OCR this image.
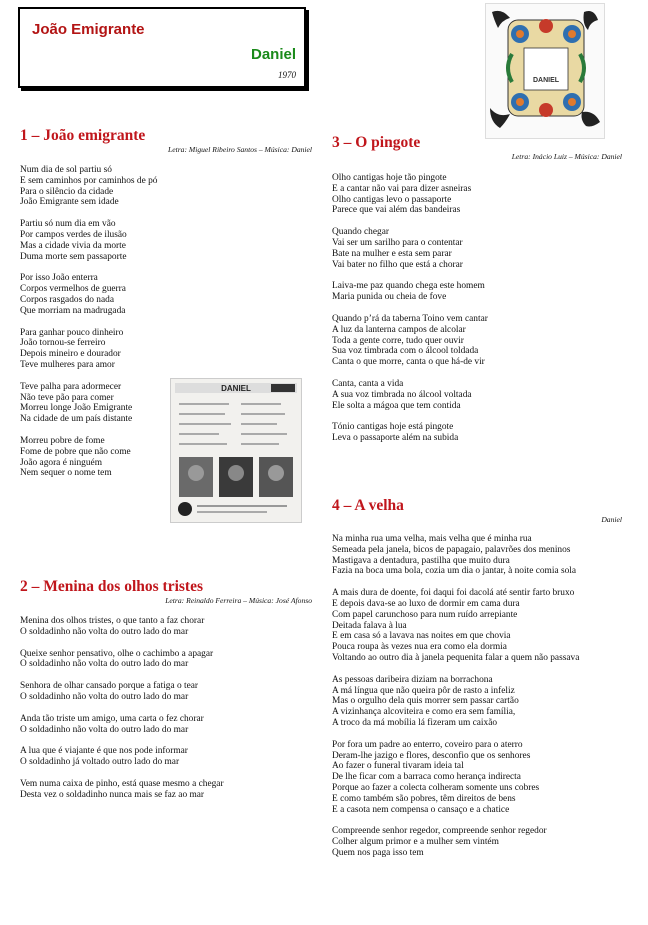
João Emigrante
Daniel
1970
DANIEL
DANIEL
1 – João emigrante
Letra: Miguel Ribeiro Santos – Música: Daniel
Num dia de sol partiu só
E sem caminhos por caminhos de pó
Para o silêncio da cidade
João Emigrante sem idade
Partiu só num dia em vão
Por campos verdes de ilusão
Mas a cidade vivia da morte
Duma morte sem passaporte
Por isso João enterra
Corpos vermelhos de guerra
Corpos rasgados do nada
Que morriam na madrugada
Para ganhar pouco dinheiro
João tornou-se ferreiro
Depois mineiro e dourador
Teve mulheres para amor
Teve palha para adormecer
Não teve pão para comer
Morreu longe João Emigrante
Na cidade de um país distante
Morreu pobre de fome
Fome de pobre que não come
João agora é ninguém
Nem sequer o nome tem
2 – Menina dos olhos tristes
Letra: Reinaldo Ferreira – Música: José Afonso
Menina dos olhos tristes, o que tanto a faz chorar
O soldadinho não volta do outro lado do mar
Queixe senhor pensativo, olhe o cachimbo a apagar
O soldadinho não volta do outro lado do mar
Senhora de olhar cansado porque a fatiga o tear
O soldadinho não volta do outro lado do mar
Anda tão triste um amigo, uma carta o fez chorar
O soldadinho não volta do outro lado do mar
A lua que é viajante é que nos pode informar
O soldadinho já voltado outro lado do mar
Vem numa caixa de pinho, está quase mesmo a chegar
Desta vez o soldadinho nunca mais se faz ao mar
3 – O pingote
Letra: Inácio Luiz – Música: Daniel
Olho cantigas hoje tão pingote
E a cantar não vai para dizer asneiras
Olho cantigas levo o passaporte
Parece que vai além das bandeiras
Quando chegar
Vai ser um sarilho para o contentar
Bate na mulher e esta sem parar
Vai bater no filho que está a chorar
Laiva-me paz quando chega este homem
Maria punida ou cheia de fove
Quando p’rá da taberna Toino vem cantar
A luz da lanterna campos de alcolar
Toda a gente corre, tudo quer ouvir
Sua voz timbrada com o álcool toldada
Canta o que morre, canta o que há-de vir
Canta, canta a vida
A sua voz timbrada no álcool voltada
Ele solta a mágoa que tem contida
Tónio cantigas hoje está pingote
Leva o passaporte além na subida
4 – A velha
Daniel
Na minha rua uma velha, mais velha que é minha rua
Semeada pela janela, bicos de papagaio, palavrões dos meninos
Mastigava a dentadura, pastilha que muito dura
Fazia na boca uma bola, cozia um dia o jantar, à noite comia sola
A mais dura de doente, foi daqui foi dacolá até sentir farto bruxo
E depois dava-se ao luxo de dormir em cama dura
Com papel carunchoso para num ruído arrepiante
Deitada falava à lua
E em casa só a lavava nas noites em que chovia
Pouca roupa às vezes nua era como ela dormia
Voltando ao outro dia à janela pequenita falar a quem não passava
As pessoas daribeira diziam na borrachona
A má língua que não queira pôr de rasto a infeliz
Mas o orgulho dela quis morrer sem passar cartão
A vizinhança alcoviteira e como era sem família,
A troco da má mobília lá fizeram um caixão
Por fora um padre ao enterro, coveiro para o aterro
Deram-lhe jazigo e flores, desconfio que os senhores
Ao fazer o funeral tivaram ideia tal
De lhe ficar com a barraca como herança indirecta
Porque ao fazer a colecta colheram somente uns cobres
E como também são pobres, têm direitos de bens
E a casota nem compensa o cansaço e a chatice
Compreende senhor regedor, compreende senhor regedor
Colher algum primor e a mulher sem vintém
Quem nos paga isso tem
